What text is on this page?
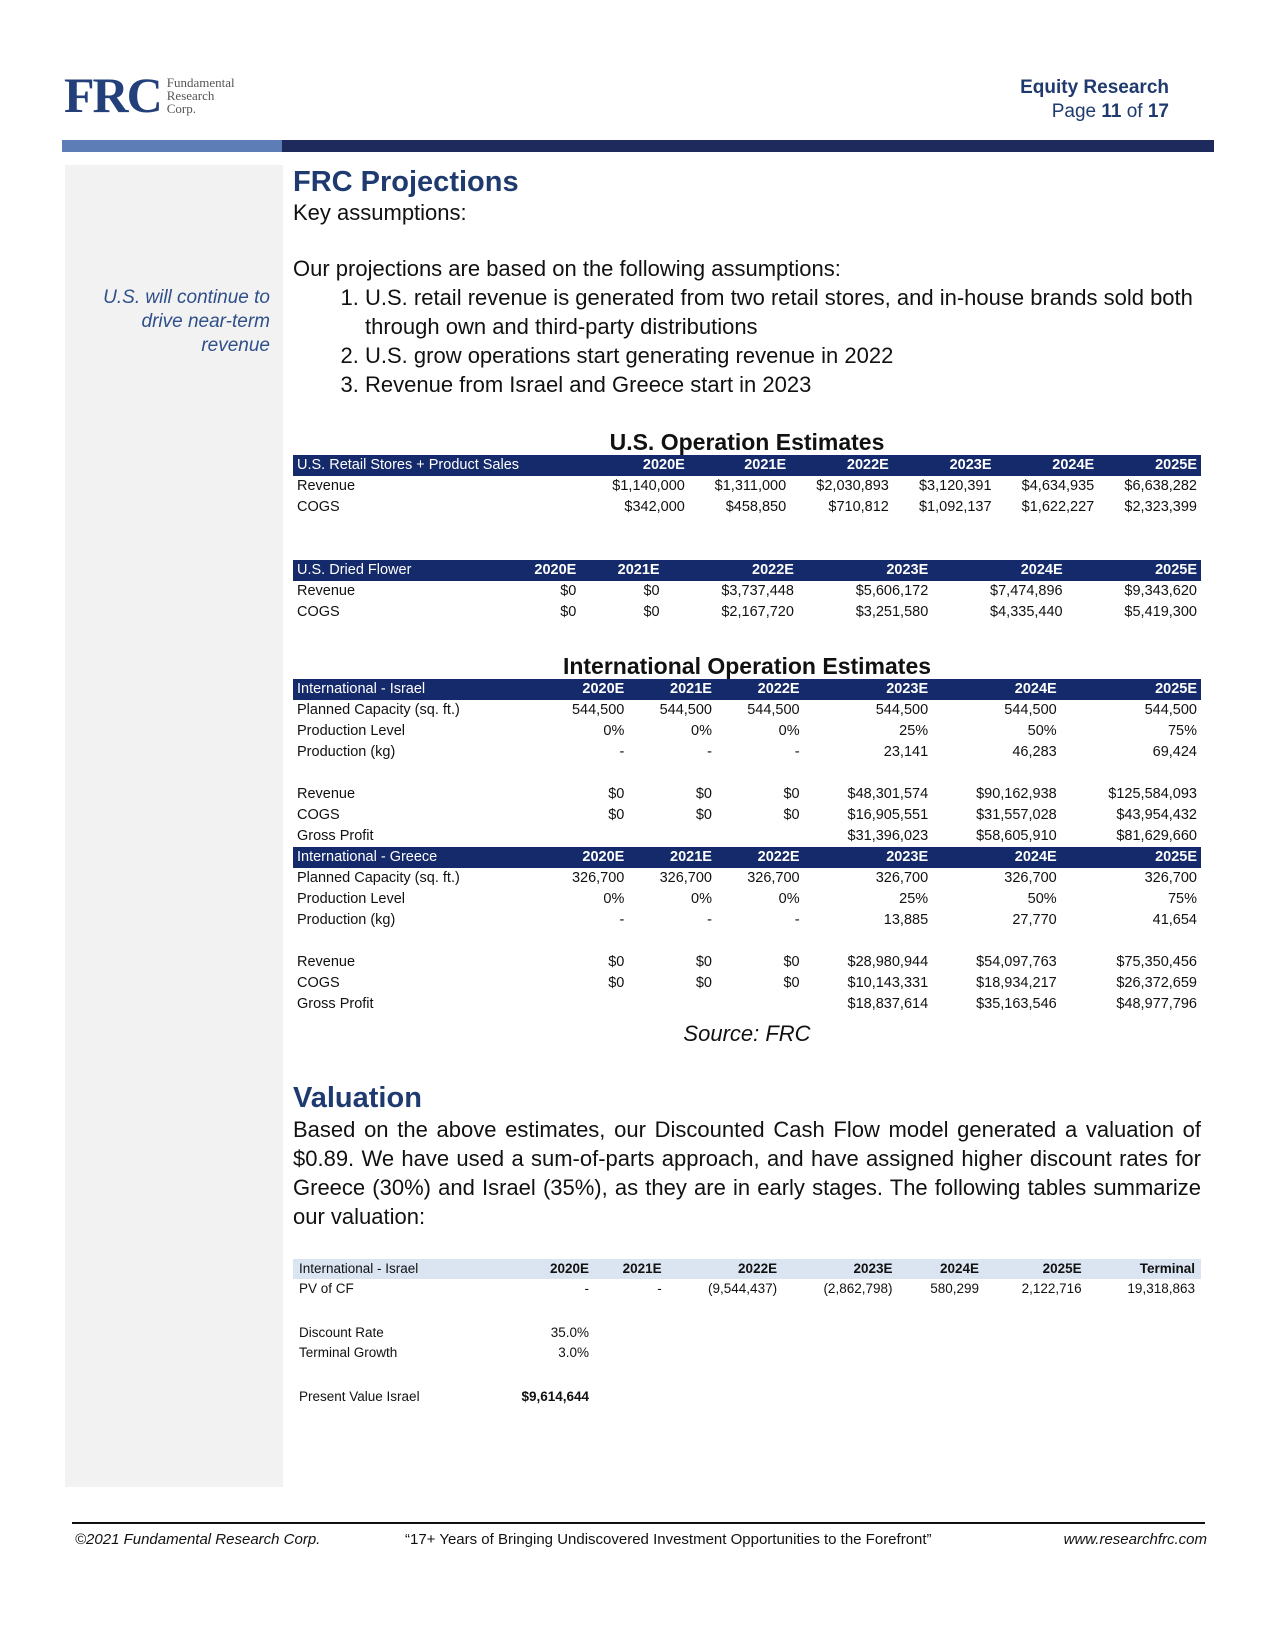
FRC Fundamental
Research
Corp.
Equity Research
Page 11 of 17
U.S. will continue to drive near-term revenue
FRC Projections

Key assumptions:

Our projections are based on the following assumptions:

1. U.S. retail revenue is generated from two retail stores, and in-house brands sold both through own and third-party distributions
2. U.S. grow operations start generating revenue in 2022
3. Revenue from Israel and Greece start in 2023

U.S. Operation Estimates

U.S. Retail Stores + Product Sales	2020E	2021E	2022E	2023E	2024E	2025E
Revenue	$1,140,000	$1,311,000	$2,030,893	$3,120,391	$4,634,935	$6,638,282
COGS	$342,000	$458,850	$710,812	$1,092,137	$1,622,227	$2,323,399
U.S. Dried Flower	2020E	2021E	2022E	2023E	2024E	2025E
Revenue	$0	$0	$3,737,448	$5,606,172	$7,474,896	$9,343,620
COGS	$0	$0	$2,167,720	$3,251,580	$4,335,440	$5,419,300

International Operation Estimates

International - Israel	2020E	2021E	2022E	2023E	2024E	2025E
Planned Capacity (sq. ft.)	544,500	544,500	544,500	544,500	544,500	544,500
Production Level	0%	0%	0%	25%	50%	75%
Production (kg)	-	-	-	23,141	46,283	69,424

Revenue	$0	$0	$0	$48,301,574	$90,162,938	$125,584,093
COGS	$0	$0	$0	$16,905,551	$31,557,028	$43,954,432
Gross Profit				$31,396,023	$58,605,910	$81,629,660
International - Greece	2020E	2021E	2022E	2023E	2024E	2025E
Planned Capacity (sq. ft.)	326,700	326,700	326,700	326,700	326,700	326,700
Production Level	0%	0%	0%	25%	50%	75%
Production (kg)	-	-	-	13,885	27,770	41,654

Revenue	$0	$0	$0	$28,980,944	$54,097,763	$75,350,456
COGS	$0	$0	$0	$10,143,331	$18,934,217	$26,372,659
Gross Profit				$18,837,614	$35,163,546	$48,977,796

Source: FRC

Valuation

Based on the above estimates, our Discounted Cash Flow model generated a valuation of $0.89. We have used a sum-of-parts approach, and have assigned higher discount rates for Greece (30%) and Israel (35%), as they are in early stages. The following tables summarize our valuation:

International - Israel	2020E	2021E	2022E	2023E	2024E	2025E	Terminal
PV of CF	-	-	(9,544,437)	(2,862,798)	580,299	2,122,716	19,318,863

Discount Rate	35.0%						
Terminal Growth	3.0%						

Present Value Israel	$9,614,644						
©2021 Fundamental Research Corp.	“17+ Years of Bringing Undiscovered Investment Opportunities to the Forefront”	www.researchfrc.com
